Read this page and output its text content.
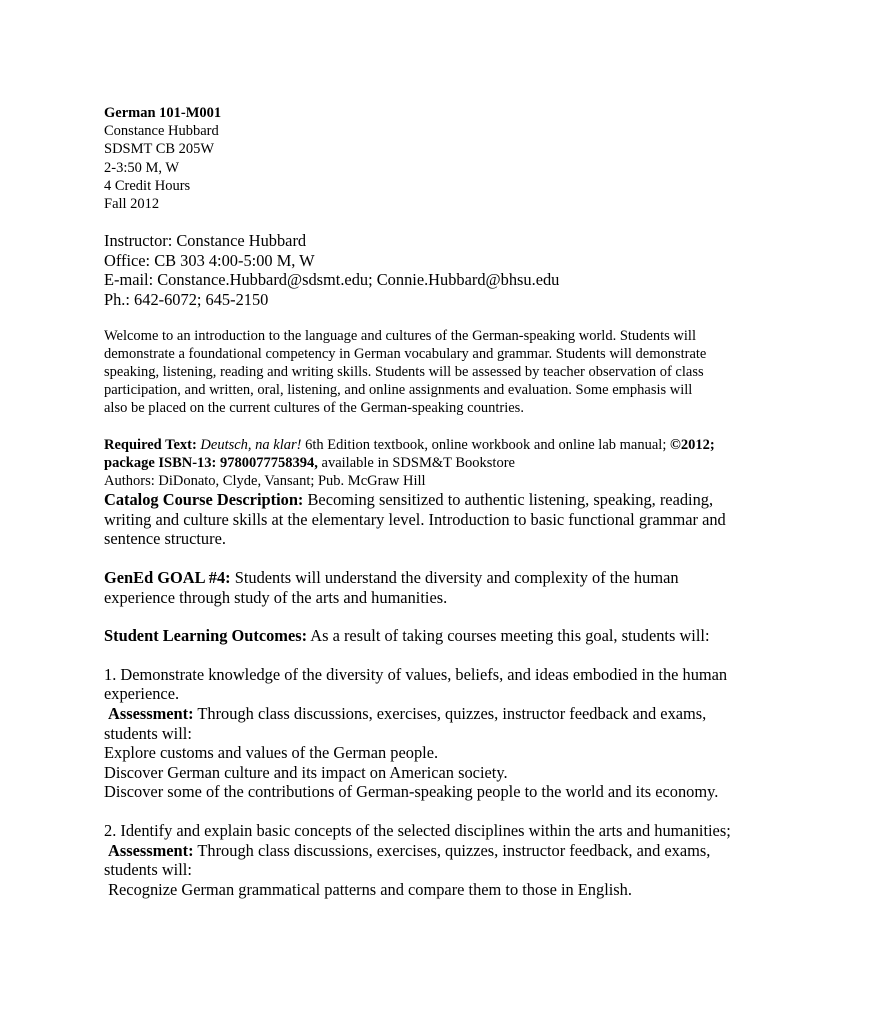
German 101-M001
Constance Hubbard
SDSMT CB 205W
2-3:50 M, W
4 Credit Hours
Fall 2012
Instructor: Constance Hubbard
Office: CB 303 4:00-5:00 M, W
E-mail: Constance.Hubbard@sdsmt.edu; Connie.Hubbard@bhsu.edu
Ph.: 642-6072; 645-2150
Welcome to an introduction to the language and cultures of the German-speaking world. Students will
demonstrate a foundational competency in German vocabulary and grammar. Students will demonstrate
speaking, listening, reading and writing skills. Students will be assessed by teacher observation of class
participation, and written, oral, listening, and online assignments and evaluation. Some emphasis will
also be placed on the current cultures of the German-speaking countries.
Required Text: Deutsch, na klar! 6th Edition textbook, online workbook and online lab manual; ©2012;
package ISBN-13: 9780077758394, available in SDSM&T Bookstore
Authors: DiDonato, Clyde, Vansant; Pub. McGraw Hill
Catalog Course Description: Becoming sensitized to authentic listening, speaking, reading,
writing and culture skills at the elementary level. Introduction to basic functional grammar and
sentence structure.
GenEd GOAL #4: Students will understand the diversity and complexity of the human
experience through study of the arts and humanities.
Student Learning Outcomes: As a result of taking courses meeting this goal, students will:
1. Demonstrate knowledge of the diversity of values, beliefs, and ideas embodied in the human
experience.
Assessment: Through class discussions, exercises, quizzes, instructor feedback and exams,
students will:
Explore customs and values of the German people.
Discover German culture and its impact on American society.
Discover some of the contributions of German-speaking people to the world and its economy.
2. Identify and explain basic concepts of the selected disciplines within the arts and humanities;
Assessment: Through class discussions, exercises, quizzes, instructor feedback, and exams,
students will:
Recognize German grammatical patterns and compare them to those in English.
